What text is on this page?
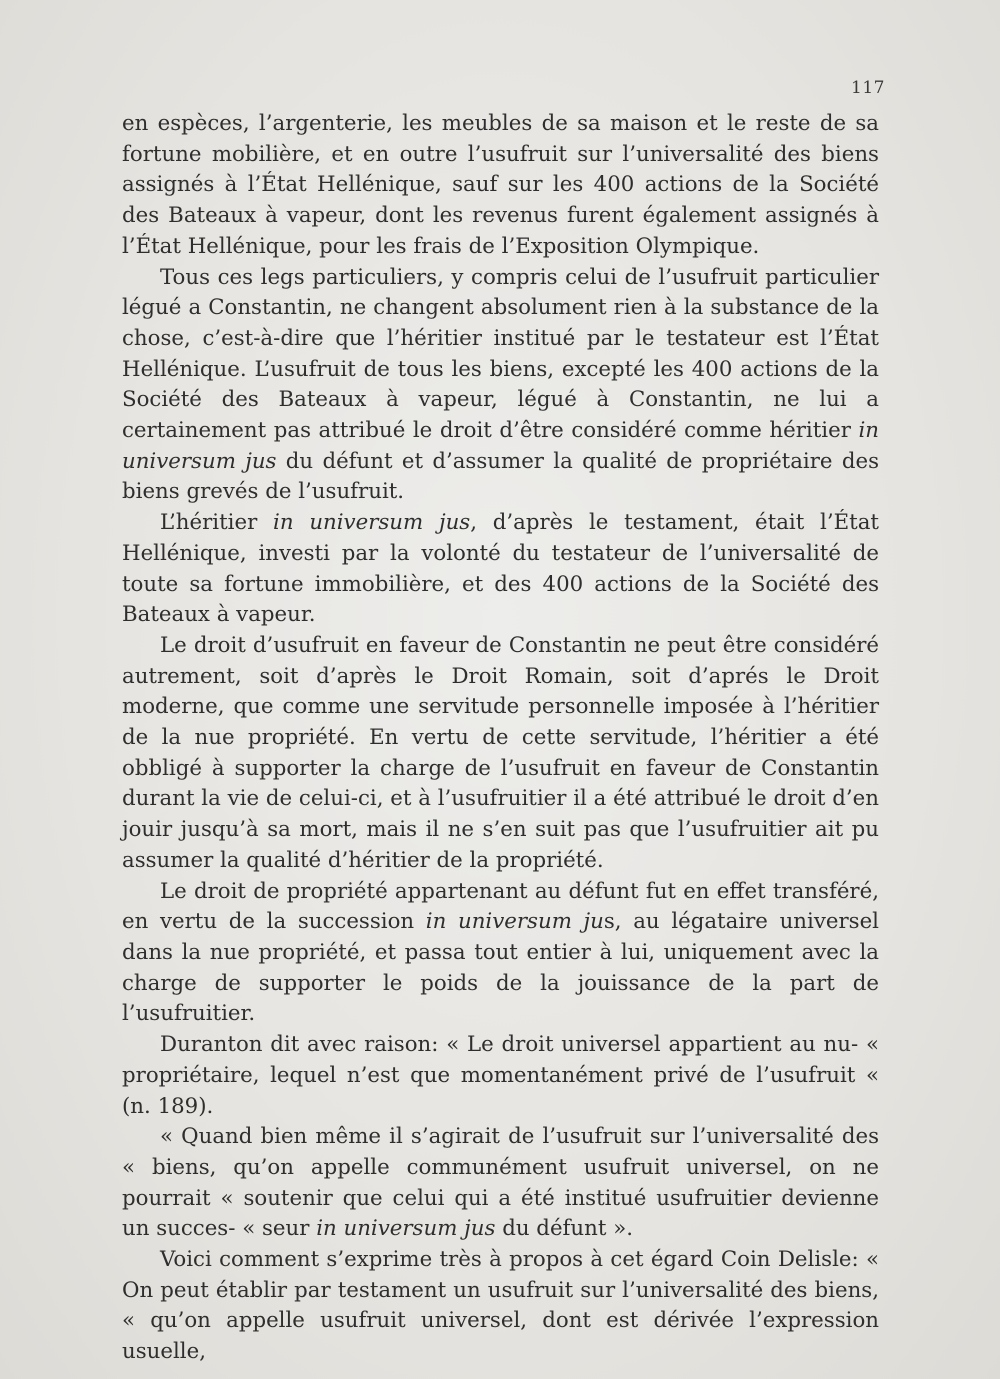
117

en espèces, l’argenterie, les meubles de sa maison et le reste de sa fortune mobilière, et en outre l’usufruit sur l’universalité des biens assignés à l’État Hellénique, sauf sur les 400 actions de la Société des Bateaux à vapeur, dont les revenus furent également assignés à l’État Hellénique, pour les frais de l’Exposition Olympique.

Tous ces legs particuliers, y compris celui de l’usufruit particulier légué a Constantin, ne changent absolument rien à la substance de la chose, c’est-à-dire que l’héritier institué par le testateur est l’État Hellénique. L’usufruit de tous les biens, excepté les 400 actions de la Société des Bateaux à vapeur, légué à Constantin, ne lui a certainement pas attribué le droit d’être considéré comme héritier in universum jus du défunt et d’assumer la qualité de propriétaire des biens grevés de l’usufruit.

L’héritier in universum jus, d’après le testament, était l’État Hellénique, investi par la volonté du testateur de l’universalité de toute sa fortune immobilière, et des 400 actions de la Société des Bateaux à vapeur.

Le droit d’usufruit en faveur de Constantin ne peut être considéré autrement, soit d’après le Droit Romain, soit d’aprés le Droit moderne, que comme une servitude personnelle imposée à l’héritier de la nue propriété. En vertu de cette servitude, l’héritier a été obbligé à supporter la charge de l’usufruit en faveur de Constantin durant la vie de celui-ci, et à l’usufruitier il a été attribué le droit d’en jouir jusqu’à sa mort, mais il ne s’en suit pas que l’usufruitier ait pu assumer la qualité d’héritier de la propriété.

Le droit de propriété appartenant au défunt fut en effet transféré, en vertu de la succession in universum jus, au légataire universel dans la nue propriété, et passa tout entier à lui, uniquement avec la charge de supporter le poids de la jouissance de la part de l’usufruitier.

Duranton dit avec raison: « Le droit universel appartient au nu- « propriétaire, lequel n’est que momentanément privé de l’usufruit « (n. 189).

« Quand bien même il s’agirait de l’usufruit sur l’universalité des « biens, qu’on appelle communément usufruit universel, on ne pourrait « soutenir que celui qui a été institué usufruitier devienne un succes- « seur in universum jus du défunt ».

Voici comment s’exprime très à propos à cet égard Coin Delisle: « On peut établir par testament un usufruit sur l’universalité des biens, « qu’on appelle usufruit universel, dont est dérivée l’expression usuelle,
